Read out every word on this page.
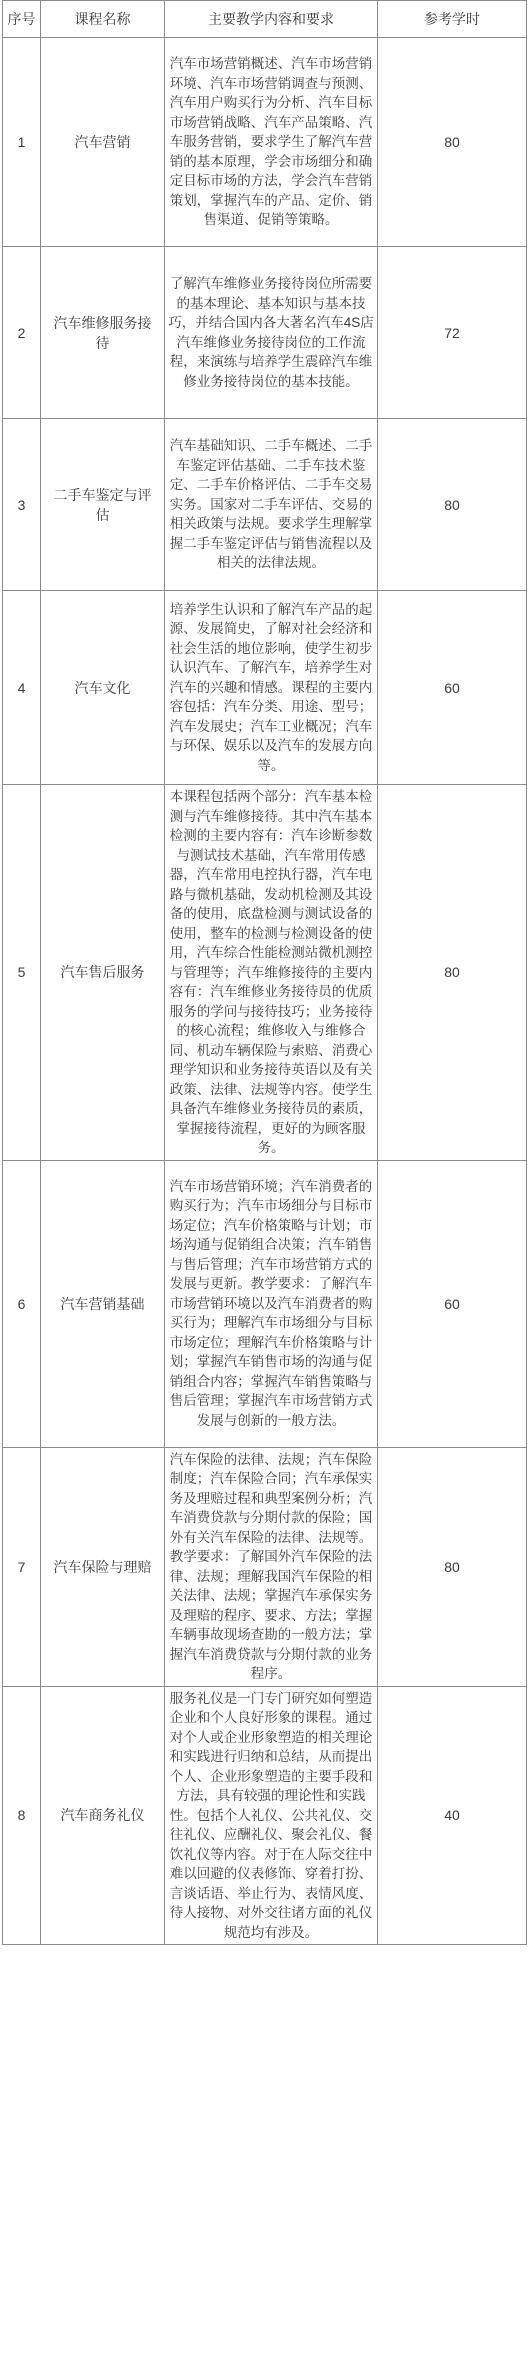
序号	课程名称	主要教学内容和要求	参考学时
1	汽车营销	汽车市场营销概述、汽车市场营销环境、汽车市场营销调查与预测、汽车用户购买行为分析、汽车目标市场营销战略、汽车产品策略、汽车服务营销，要求学生了解汽车营销的基本原理，学会市场细分和确定目标市场的方法，学会汽车营销策划，掌握汽车的产品、定价、销售渠道、促销等策略。	80
2	汽车维修服务接待	了解汽车维修业务接待岗位所需要的基本理论、基本知识与基本技巧，并结合国内各大著名汽车4S店汽车维修业务接待岗位的工作流程，来演练与培养学生震碎汽车维修业务接待岗位的基本技能。	72
3	二手车鉴定与评估	汽车基础知识、二手车概述、二手车鉴定评估基础、二手车技术鉴定、二手车价格评估、二手车交易实务。国家对二手车评估、交易的相关政策与法规。要求学生理解掌握二手车鉴定评估与销售流程以及相关的法律法规。	80
4	汽车文化	培养学生认识和了解汽车产品的起源、发展简史，了解对社会经济和社会生活的地位影响，使学生初步认识汽车、了解汽车，培养学生对汽车的兴趣和情感。课程的主要内容包括：汽车分类、用途、型号；汽车发展史；汽车工业概况；汽车与环保、娱乐以及汽车的发展方向等。	60
5	汽车售后服务	本课程包括两个部分：汽车基本检测与汽车维修接待。其中汽车基本检测的主要内容有：汽车诊断参数与测试技术基础，汽车常用传感器，汽车常用电控执行器，汽车电路与微机基础，发动机检测及其设备的使用，底盘检测与测试设备的使用，整车的检测与检测设备的使用，汽车综合性能检测站微机测控与管理等；汽车维修接待的主要内容有：汽车维修业务接待员的优质服务的学问与接待技巧；业务接待的核心流程；维修收入与维修合同、机动车辆保险与索赔、消费心理学知识和业务接待英语以及有关政策、法律、法规等内容。使学生具备汽车维修业务接待员的素质，掌握接待流程，更好的为顾客服务。	80
6	汽车营销基础	汽车市场营销环境；汽车消费者的购买行为；汽车市场细分与目标市场定位；汽车价格策略与计划；市场沟通与促销组合决策；汽车销售与售后管理；汽车市场营销方式的发展与更新。教学要求：了解汽车市场营销环境以及汽车消费者的购买行为；理解汽车市场细分与目标市场定位；理解汽车价格策略与计划；掌握汽车销售市场的沟通与促销组合内容；掌握汽车销售策略与售后管理；掌握汽车市场营销方式发展与创新的一般方法。	60
7	汽车保险与理赔	汽车保险的法律、法规；汽车保险制度；汽车保险合同；汽车承保实务及理赔过程和典型案例分析；汽车消费贷款与分期付款的保险；国外有关汽车保险的法律、法规等。教学要求：了解国外汽车保险的法律、法规；理解我国汽车保险的相关法律、法规；掌握汽车承保实务及理赔的程序、要求、方法；掌握车辆事故现场查勘的一般方法；掌握汽车消费贷款与分期付款的业务程序。	80
8	汽车商务礼仪	服务礼仪是一门专门研究如何塑造企业和个人良好形象的课程。通过对个人或企业形象塑造的相关理论和实践进行归纳和总结，从而提出个人、企业形象塑造的主要手段和方法，具有较强的理论性和实践性。包括个人礼仪、公共礼仪、交往礼仪、应酬礼仪、聚会礼仪、餐饮礼仪等内容。对于在人际交往中难以回避的仪表修饰、穿着打扮、言谈话语、举止行为、表情风度、待人接物、对外交往诸方面的礼仪规范均有涉及。	40
